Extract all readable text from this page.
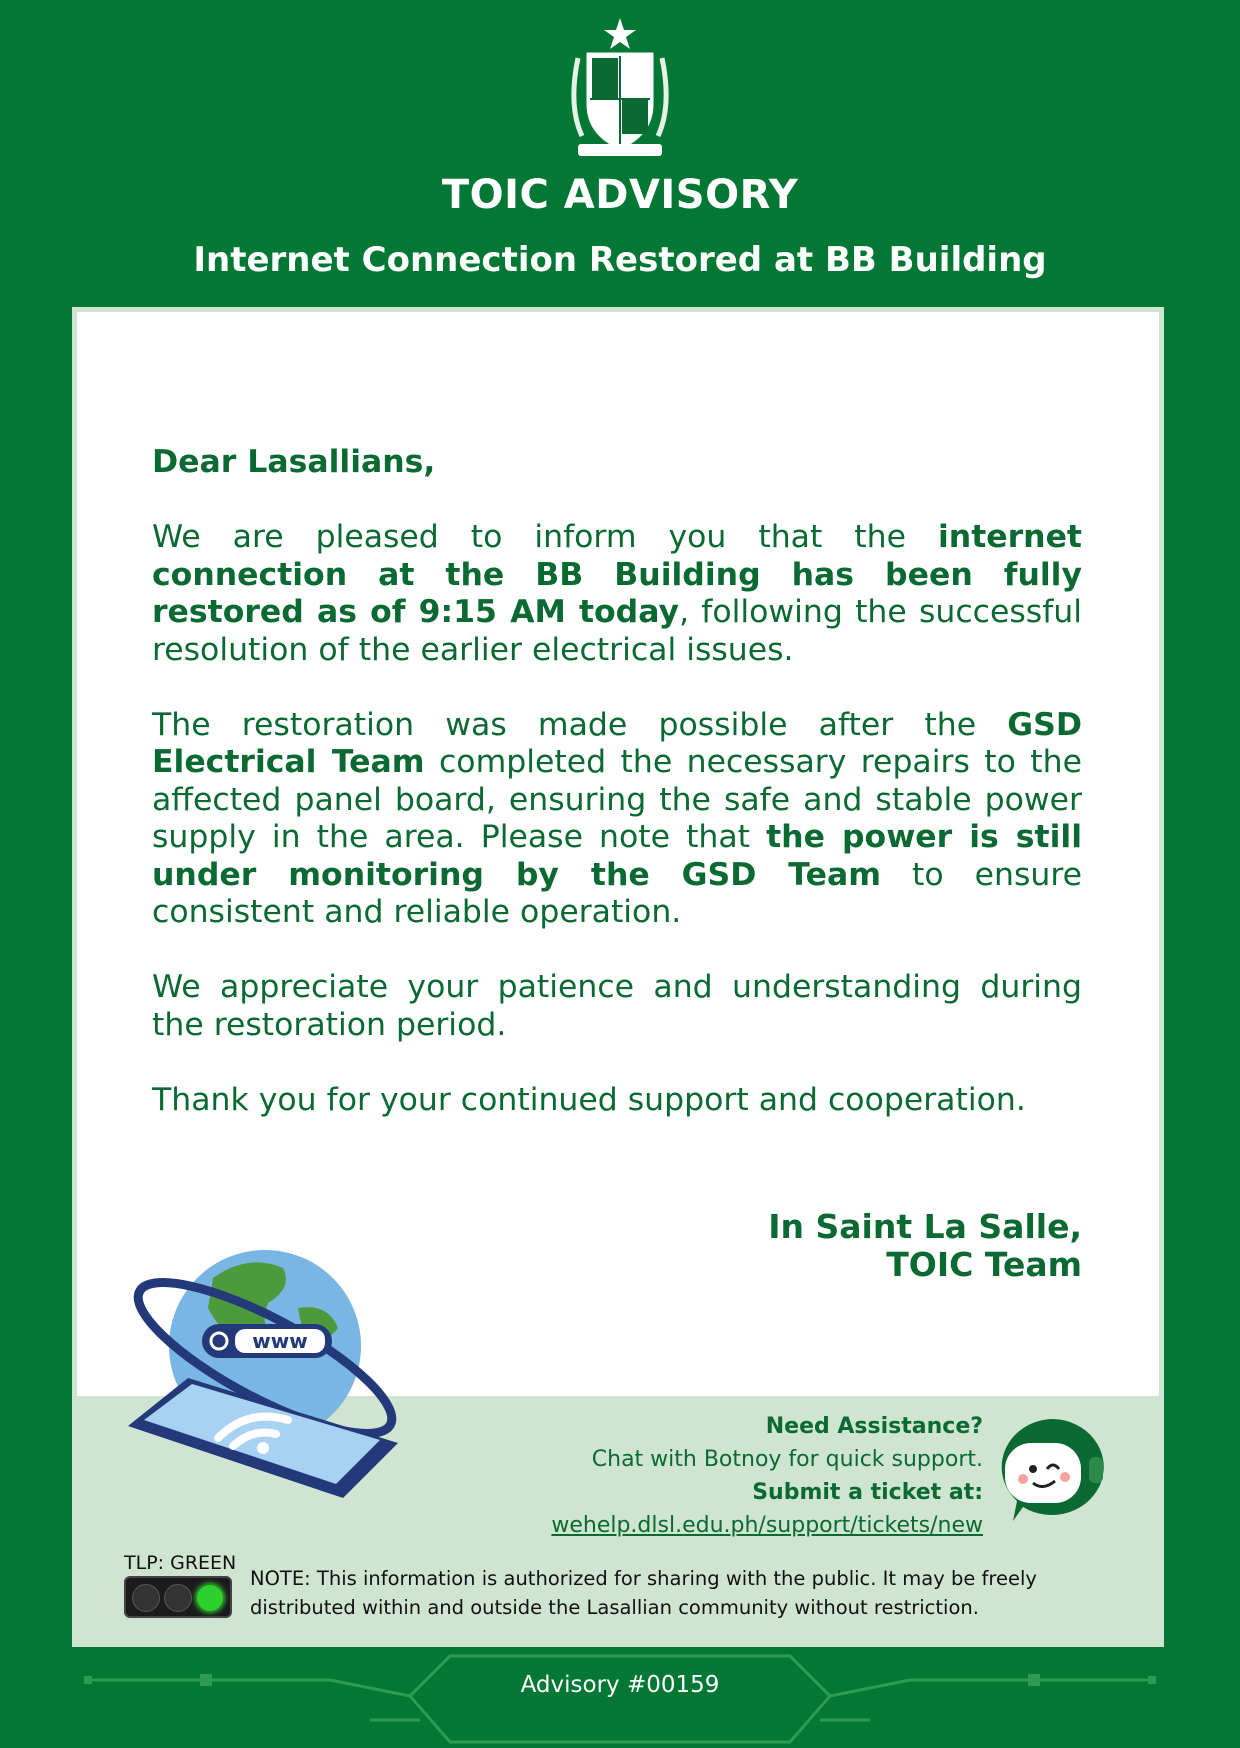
TOIC ADVISORY
Internet Connection Restored at BB Building

Dear Lasallians,

We are pleased to inform you that the internet connection at the BB Building has been fully restored as of 9:15 AM today, following the successful resolution of the earlier electrical issues.

The restoration was made possible after the GSD Electrical Team completed the necessary repairs to the affected panel board, ensuring the safe and stable power supply in the area. Please note that the power is still under monitoring by the GSD Team to ensure consistent and reliable operation.

We appreciate your patience and understanding during the restoration period.

Thank you for your continued support and cooperation.

In Saint La Salle,
TOIC Team
www
Need Assistance?
Chat with Botnoy for quick support.
Submit a ticket at:
wehelp.dlsl.edu.ph/support/tickets/new
TLP: GREEN
NOTE: This information is authorized for sharing with the public. It may be freely distributed within and outside the Lasallian community without restriction.
Advisory #00159
